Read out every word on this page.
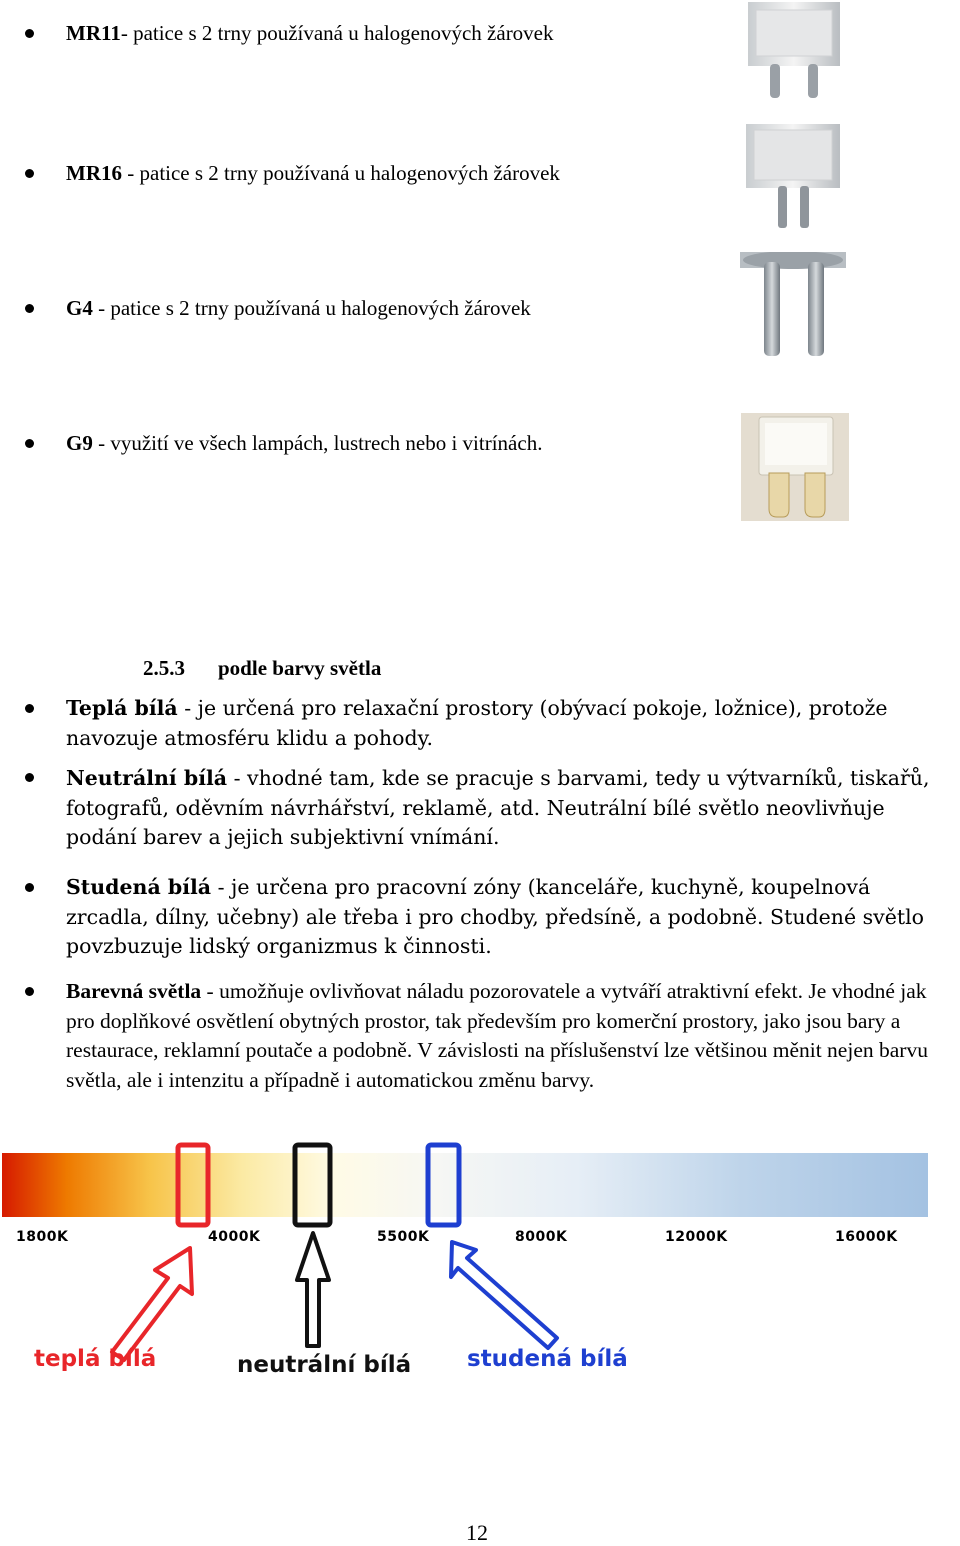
MR11- patice s 2 trny používaná u halogenových žárovek
MR16 - patice s 2 trny používaná u halogenových žárovek
G4 - patice s 2 trny používaná u halogenových žárovek
G9 - využití ve všech lampách, lustrech nebo i vitrínách.
2.5.3 podle barvy světla
Teplá bílá - je určená pro relaxační prostory (obývací pokoje, ložnice), protože navozuje atmosféru klidu a pohody.
Neutrální bílá - vhodné tam, kde se pracuje s barvami, tedy u výtvarníků, tiskařů, fotografů, oděvním návrhářství, reklamě, atd. Neutrální bílé světlo neovlivňuje podání barev a jejich subjektivní vnímání.
Studená bílá - je určena pro pracovní zóny (kanceláře, kuchyně, koupelnová zrcadla, dílny, učebny) ale třeba i pro chodby, předsíně, a podobně. Studené světlo povzbuzuje lidský organizmus k činnosti.
Barevná světla - umožňuje ovlivňovat náladu pozorovatele a vytváří atraktivní efekt. Je vhodné jak pro doplňkové osvětlení obytných prostor, tak především pro komerční prostory, jako jsou bary a restaurace, reklamní poutače a podobně. V závislosti na příslušenství lze většinou měnit nejen barvu světla, ale i intenzitu a případně i automatickou změnu barvy.
1800K	4000K	5500K	8000K	12000K	16000K
teplá bílá	neutrální bílá studená bílá
12
